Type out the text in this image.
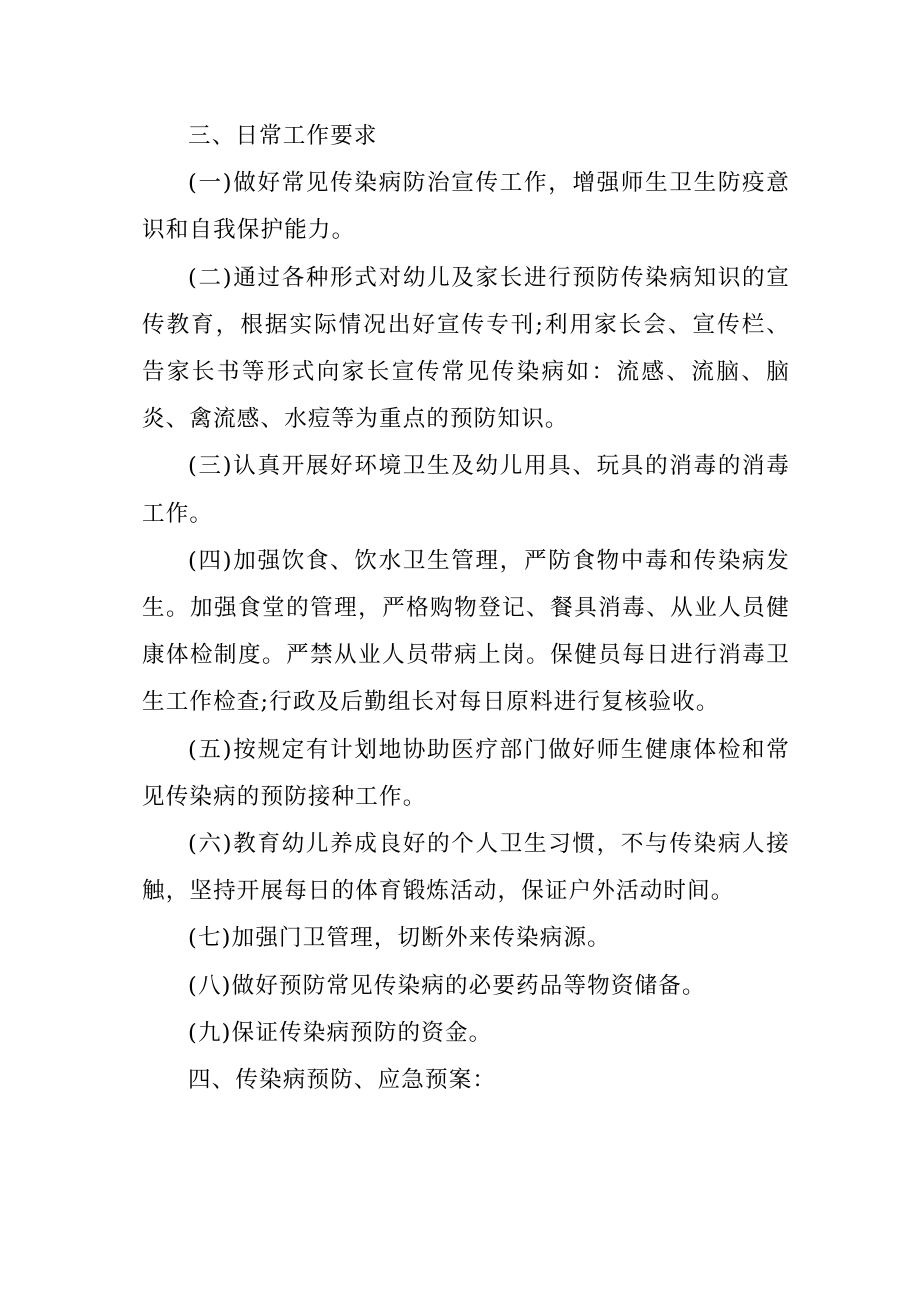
三、日常工作要求

(一)做好常见传染病防治宣传工作，增强师生卫生防疫意识和自我保护能力。

(二)通过各种形式对幼儿及家长进行预防传染病知识的宣传教育，根据实际情况出好宣传专刊;利用家长会、宣传栏、告家长书等形式向家长宣传常见传染病如：流感、流脑、脑炎、禽流感、水痘等为重点的预防知识。

(三)认真开展好环境卫生及幼儿用具、玩具的消毒的消毒工作。

(四)加强饮食、饮水卫生管理，严防食物中毒和传染病发生。加强食堂的管理，严格购物登记、餐具消毒、从业人员健康体检制度。严禁从业人员带病上岗。保健员每日进行消毒卫生工作检查;行政及后勤组长对每日原料进行复核验收。

(五)按规定有计划地协助医疗部门做好师生健康体检和常见传染病的预防接种工作。

(六)教育幼儿养成良好的个人卫生习惯，不与传染病人接触，坚持开展每日的体育锻炼活动，保证户外活动时间。

(七)加强门卫管理，切断外来传染病源。

(八)做好预防常见传染病的必要药品等物资储备。

(九)保证传染病预防的资金。

四、传染病预防、应急预案：
